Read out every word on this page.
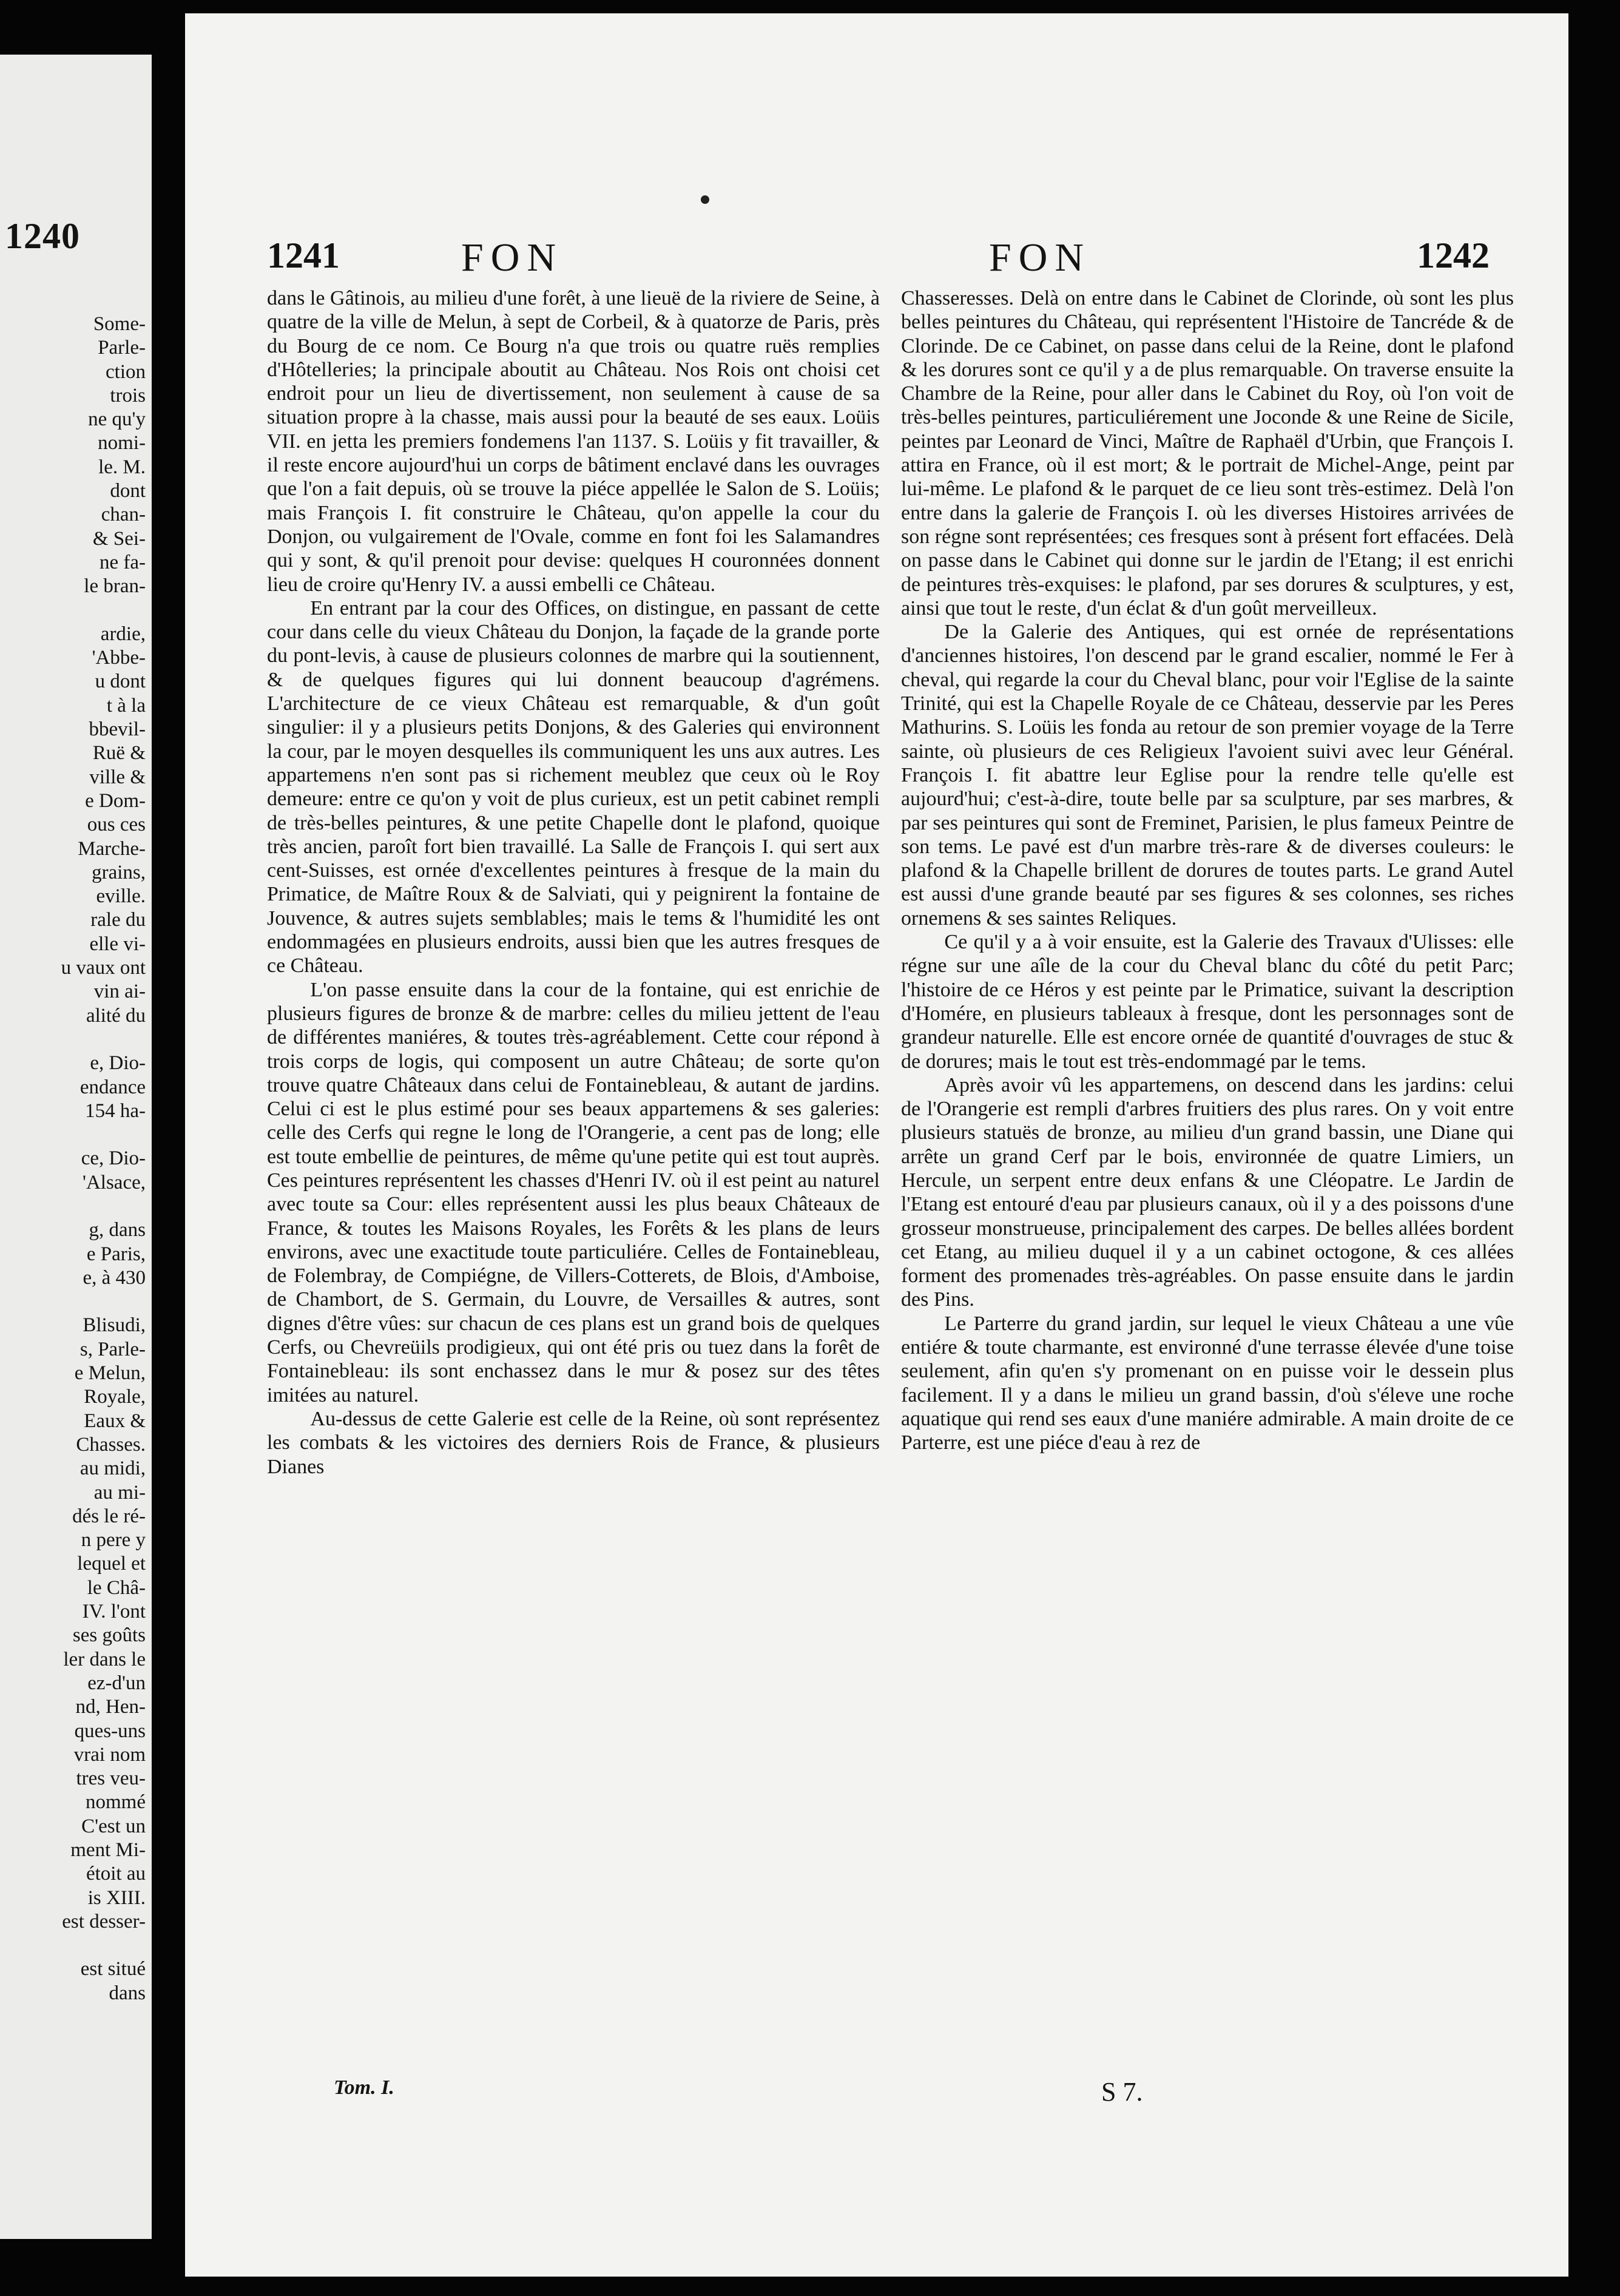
1240
Some-
Parle-
ction
trois
ne qu'y
nomi-
le. M.
dont
chan-
& Sei-
ne fa-
le bran-

ardie,
'Abbe-
u dont
t à la
bbevil-
Ruë &
ville &
e Dom-
ous ces
Marche-
grains,
eville.
rale du
elle vi-
u vaux ont
vin ai-
alité du

e, Dio-
endance
154 ha-

ce, Dio-
'Alsace,

g, dans
e Paris,
e, à 430

Blisudi,
s, Parle-
e Melun,
Royale,
Eaux &
Chasses.
au midi,
au mi-
dés le ré-
n pere y
lequel et
le Châ-
IV. l'ont
ses goûts
ler dans le
ez-d'un
nd, Hen-
ques-uns
vrai nom
tres veu-
nommé
C'est un
ment Mi-
étoit au
is XIII.
est desser-

est situé
dans
1241	FON	FON	1242

dans le Gâtinois, au milieu d'une forêt, à une lieuë de la riviere de Seine, à quatre de la ville de Melun, à sept de Corbeil, & à quatorze de Paris, près du Bourg de ce nom. Ce Bourg n'a que trois ou quatre ruës remplies d'Hôtelleries; la principale aboutit au Château. Nos Rois ont choisi cet endroit pour un lieu de divertissement, non seulement à cause de sa situation propre à la chasse, mais aussi pour la beauté de ses eaux. Loüis VII. en jetta les premiers fondemens l'an 1137. S. Loüis y fit travailler, & il reste encore aujourd'hui un corps de bâtiment enclavé dans les ouvrages que l'on a fait depuis, où se trouve la piéce appellée le Salon de S. Loüis; mais François I. fit construire le Château, qu'on appelle la cour du Donjon, ou vulgairement de l'Ovale, comme en font foi les Salamandres qui y sont, & qu'il prenoit pour devise: quelques H couronnées donnent lieu de croire qu'Henry IV. a aussi embelli ce Château.

En entrant par la cour des Offices, on distingue, en passant de cette cour dans celle du vieux Château du Donjon, la façade de la grande porte du pont-levis, à cause de plusieurs colonnes de marbre qui la soutiennent, & de quelques figures qui lui donnent beaucoup d'agrémens. L'architecture de ce vieux Château est remarquable, & d'un goût singulier: il y a plusieurs petits Donjons, & des Galeries qui environnent la cour, par le moyen desquelles ils communiquent les uns aux autres. Les appartemens n'en sont pas si richement meublez que ceux où le Roy demeure: entre ce qu'on y voit de plus curieux, est un petit cabinet rempli de très-belles peintures, & une petite Chapelle dont le plafond, quoique très ancien, paroît fort bien travaillé. La Salle de François I. qui sert aux cent-Suisses, est ornée d'excellentes peintures à fresque de la main du Primatice, de Maître Roux & de Salviati, qui y peignirent la fontaine de Jouvence, & autres sujets semblables; mais le tems & l'humidité les ont endommagées en plusieurs endroits, aussi bien que les autres fresques de ce Château.

L'on passe ensuite dans la cour de la fontaine, qui est enrichie de plusieurs figures de bronze & de marbre: celles du milieu jettent de l'eau de différentes maniéres, & toutes très-agréablement. Cette cour répond à trois corps de logis, qui composent un autre Château; de sorte qu'on trouve quatre Châteaux dans celui de Fontainebleau, & autant de jardins. Celui ci est le plus estimé pour ses beaux appartemens & ses galeries: celle des Cerfs qui regne le long de l'Orangerie, a cent pas de long; elle est toute embellie de peintures, de même qu'une petite qui est tout auprès. Ces peintures représentent les chasses d'Henri IV. où il est peint au naturel avec toute sa Cour: elles représentent aussi les plus beaux Châteaux de France, & toutes les Maisons Royales, les Forêts & les plans de leurs environs, avec une exactitude toute particuliére. Celles de Fontainebleau, de Folembray, de Compiégne, de Villers-Cotterets, de Blois, d'Amboise, de Chambort, de S. Germain, du Louvre, de Versailles & autres, sont dignes d'être vûes: sur chacun de ces plans est un grand bois de quelques Cerfs, ou Chevreüils prodigieux, qui ont été pris ou tuez dans la forêt de Fontainebleau: ils sont enchassez dans le mur & posez sur des têtes imitées au naturel.

Au-dessus de cette Galerie est celle de la Reine, où sont représentez les combats & les victoires des derniers Rois de France, & plusieurs Dianes

Chasseresses. Delà on entre dans le Cabinet de Clorinde, où sont les plus belles peintures du Château, qui représentent l'Histoire de Tancréde & de Clorinde. De ce Cabinet, on passe dans celui de la Reine, dont le plafond & les dorures sont ce qu'il y a de plus remarquable. On traverse ensuite la Chambre de la Reine, pour aller dans le Cabinet du Roy, où l'on voit de très-belles peintures, particuliérement une Joconde & une Reine de Sicile, peintes par Leonard de Vinci, Maître de Raphaël d'Urbin, que François I. attira en France, où il est mort; & le portrait de Michel-Ange, peint par lui-même. Le plafond & le parquet de ce lieu sont très-estimez. Delà l'on entre dans la galerie de François I. où les diverses Histoires arrivées de son régne sont représentées; ces fresques sont à présent fort effacées. Delà on passe dans le Cabinet qui donne sur le jardin de l'Etang; il est enrichi de peintures très-exquises: le plafond, par ses dorures & sculptures, y est, ainsi que tout le reste, d'un éclat & d'un goût merveilleux.

De la Galerie des Antiques, qui est ornée de représentations d'anciennes histoires, l'on descend par le grand escalier, nommé le Fer à cheval, qui regarde la cour du Cheval blanc, pour voir l'Eglise de la sainte Trinité, qui est la Chapelle Royale de ce Château, desservie par les Peres Mathurins. S. Loüis les fonda au retour de son premier voyage de la Terre sainte, où plusieurs de ces Religieux l'avoient suivi avec leur Général. François I. fit abattre leur Eglise pour la rendre telle qu'elle est aujourd'hui; c'est-à-dire, toute belle par sa sculpture, par ses marbres, & par ses peintures qui sont de Freminet, Parisien, le plus fameux Peintre de son tems. Le pavé est d'un marbre très-rare & de diverses couleurs: le plafond & la Chapelle brillent de dorures de toutes parts. Le grand Autel est aussi d'une grande beauté par ses figures & ses colonnes, ses riches ornemens & ses saintes Reliques.

Ce qu'il y a à voir ensuite, est la Galerie des Travaux d'Ulisses: elle régne sur une aîle de la cour du Cheval blanc du côté du petit Parc; l'histoire de ce Héros y est peinte par le Primatice, suivant la description d'Homére, en plusieurs tableaux à fresque, dont les personnages sont de grandeur naturelle. Elle est encore ornée de quantité d'ouvrages de stuc & de dorures; mais le tout est très-endommagé par le tems.

Après avoir vû les appartemens, on descend dans les jardins: celui de l'Orangerie est rempli d'arbres fruitiers des plus rares. On y voit entre plusieurs statuës de bronze, au milieu d'un grand bassin, une Diane qui arrête un grand Cerf par le bois, environnée de quatre Limiers, un Hercule, un serpent entre deux enfans & une Cléopatre. Le Jardin de l'Etang est entouré d'eau par plusieurs canaux, où il y a des poissons d'une grosseur monstrueuse, principalement des carpes. De belles allées bordent cet Etang, au milieu duquel il y a un cabinet octogone, & ces allées forment des promenades très-agréables. On passe ensuite dans le jardin des Pins.

Le Parterre du grand jardin, sur lequel le vieux Château a une vûe entiére & toute charmante, est environné d'une terrasse élevée d'une toise seulement, afin qu'en s'y promenant on en puisse voir le dessein plus facilement. Il y a dans le milieu un grand bassin, d'où s'éleve une roche aquatique qui rend ses eaux d'une maniére admirable. A main droite de ce Parterre, est une piéce d'eau à rez de

Tom. I.	S 7.
